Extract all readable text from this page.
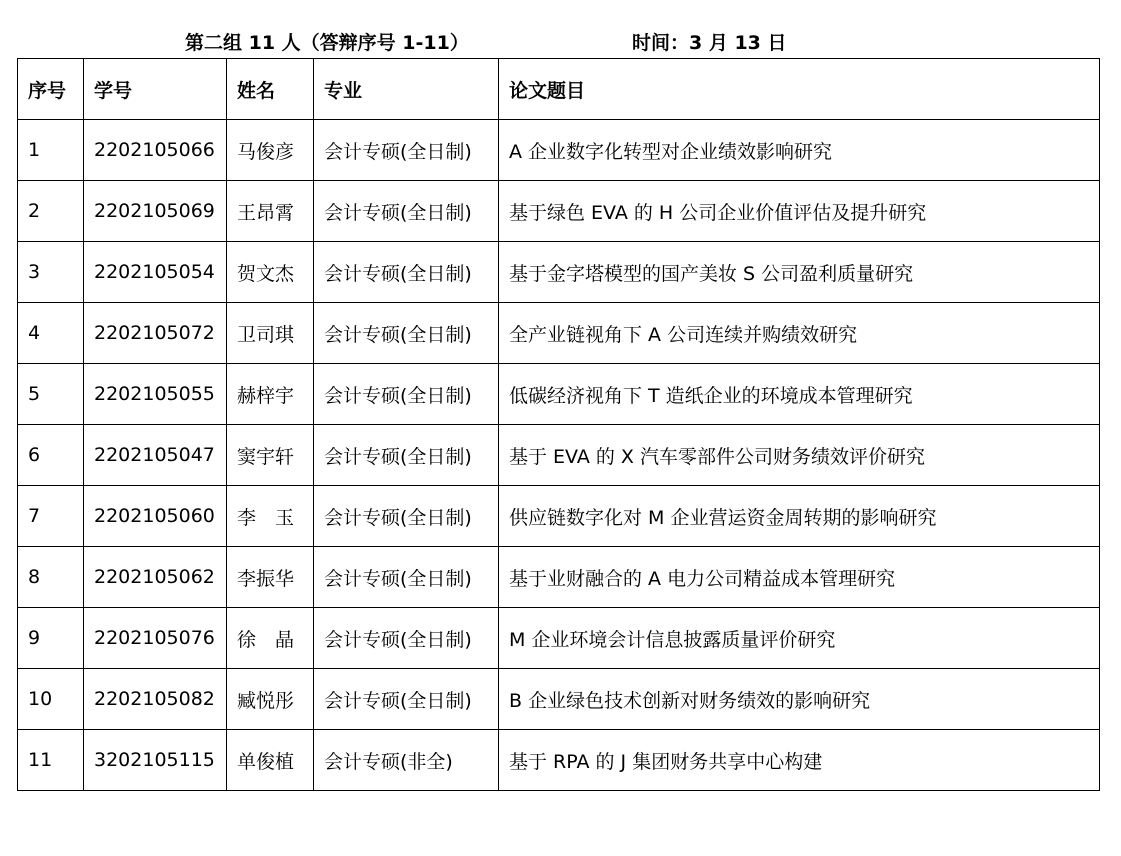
第二组 11 人（答辩序号 1-11）	时间：3 月 13 日
序号	学号	姓名	专业	论文题目
1	2202105066	马俊彦	会计专硕(全日制)	A 企业数字化转型对企业绩效影响研究
2	2202105069	王昂霄	会计专硕(全日制)	基于绿色 EVA 的 H 公司企业价值评估及提升研究
3	2202105054	贺文杰	会计专硕(全日制)	基于金字塔模型的国产美妆 S 公司盈利质量研究
4	2202105072	卫司琪	会计专硕(全日制)	全产业链视角下 A 公司连续并购绩效研究
5	2202105055	赫梓宇	会计专硕(全日制)	低碳经济视角下 T 造纸企业的环境成本管理研究
6	2202105047	窦宇轩	会计专硕(全日制)	基于 EVA 的 X 汽车零部件公司财务绩效评价研究
7	2202105060	李　玉	会计专硕(全日制)	供应链数字化对 M 企业营运资金周转期的影响研究
8	2202105062	李振华	会计专硕(全日制)	基于业财融合的 A 电力公司精益成本管理研究
9	2202105076	徐　晶	会计专硕(全日制)	M 企业环境会计信息披露质量评价研究
10	2202105082	臧悦彤	会计专硕(全日制)	B 企业绿色技术创新对财务绩效的影响研究
11	3202105115	单俊植	会计专硕(非全)	基于 RPA 的 J 集团财务共享中心构建
